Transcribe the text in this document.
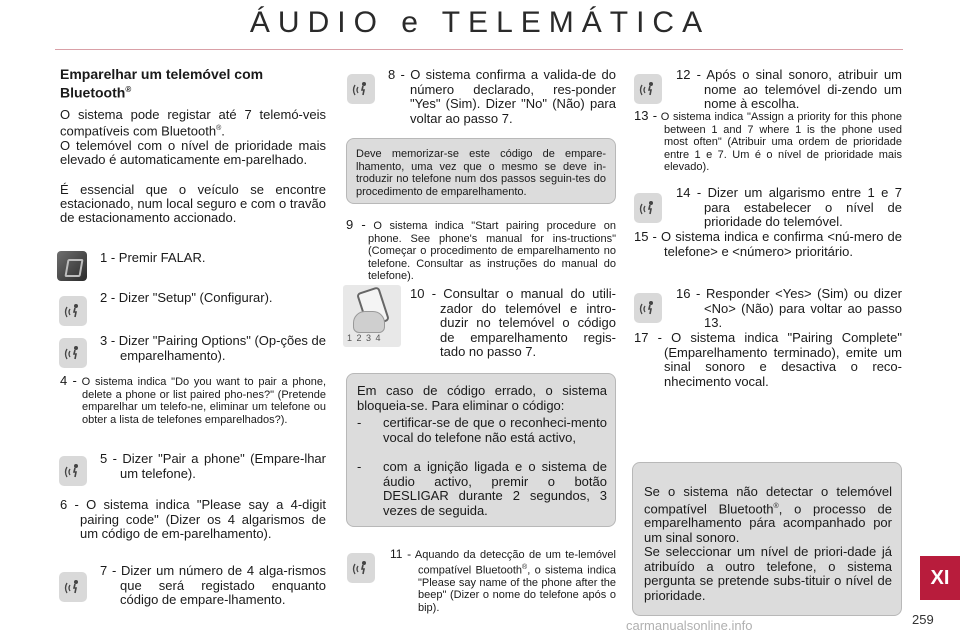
ÁUDIO e TELEMÁTICA
Emparelhar um telemóvel com
Bluetooth®
O sistema pode registar até 7 telemó-veis compatíveis com Bluetooth®.
O telemóvel com o nível de prioridade mais elevado é automaticamente em-parelhado.
É essencial que o veículo se encontre estacionado, num local seguro e com o travão de estacionamento accionado.
1 - Premir FALAR.
2 - Dizer "Setup" (Configurar).
3 - Dizer "Pairing Options" (Op-ções de emparelhamento).
4 - O sistema indica "Do you want to pair a phone, delete a phone or list paired pho-nes?" (Pretende emparelhar um telefo-ne, eliminar um telefone ou obter a lista de telefones emparelhados?).
5 - Dizer "Pair a phone" (Empare-lhar um telefone).
6 - O sistema indica "Please say a 4-digit pairing code" (Dizer os 4 algarismos de um código de em-parelhamento).
7 - Dizer um número de 4 alga-rismos que será registado enquanto código de empare-lhamento.
8 - O sistema confirma a valida-de do número declarado, res-ponder "Yes" (Sim). Dizer "No" (Não) para voltar ao passo 7.
Deve memorizar-se este código de empare-lhamento, uma vez que o mesmo se deve in-troduzir no telefone num dos passos seguin-tes do procedimento de emparelhamento.
9 - O sistema indica "Start pairing procedure on phone. See phone's manual for ins-tructions" (Começar o procedimento de emparelhamento no telefone. Consultar as instruções do manual do telefone).
1 2 3 4
10 - Consultar o manual do utili-zador do telemóvel e intro-duzir no telemóvel o código de emparelhamento regis-tado no passo 7.
Em caso de código errado, o sistema bloqueia-se. Para eliminar o código:
- certificar-se de que o reconheci-mento vocal do telefone não está activo,
- com a ignição ligada e o sistema de áudio activo, premir o botão DESLIGAR durante 2 segundos, 3 vezes de seguida.
11 - Aquando da detecção de um te-lemóvel compatível Bluetooth®, o sistema indica "Please say name of the phone after the beep" (Dizer o nome do telefone após o bip).
12 - Após o sinal sonoro, atribuir um nome ao telemóvel di-zendo um nome à escolha.
13 - O sistema indica "Assign a priority for this phone between 1 and 7 where 1 is the phone used most often" (Atribuir uma ordem de prioridade entre 1 e 7. Um é o nível de prioridade mais elevado).
14 - Dizer um algarismo entre 1 e 7 para estabelecer o nível de prioridade do telemóvel.
15 - O sistema indica e confirma <nú-mero de telefone> e <número> prioritário.
16 - Responder <Yes> (Sim) ou dizer <No> (Não) para voltar ao passo 13.
17 - O sistema indica "Pairing Complete" (Emparelhamento terminado), emite um sinal sonoro e desactiva o reco-nhecimento vocal.
Se o sistema não detectar o telemóvel compatível Bluetooth®, o processo de emparelhamento pára acompanhado por um sinal sonoro.
Se seleccionar um nível de priori-dade já atribuído a outro telefone, o sistema pergunta se pretende subs-tituir o nível de prioridade.
XI
carmanualsonline.info	259
